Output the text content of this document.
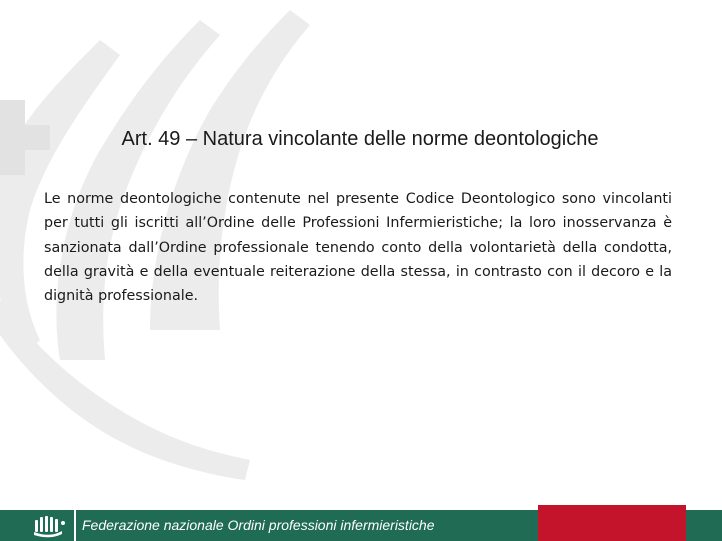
Art. 49 – Natura vincolante delle norme deontologiche
Le norme deontologiche contenute nel presente Codice Deontologico sono vincolanti per tutti gli iscritti all’Ordine delle Professioni Infermieristiche; la loro inosservanza è sanzionata dall’Ordine professionale tenendo conto della volontarietà della condotta, della gravità e della eventuale reiterazione della stessa, in contrasto con il decoro e la dignità professionale.
Federazione nazionale Ordini professioni infermieristiche
